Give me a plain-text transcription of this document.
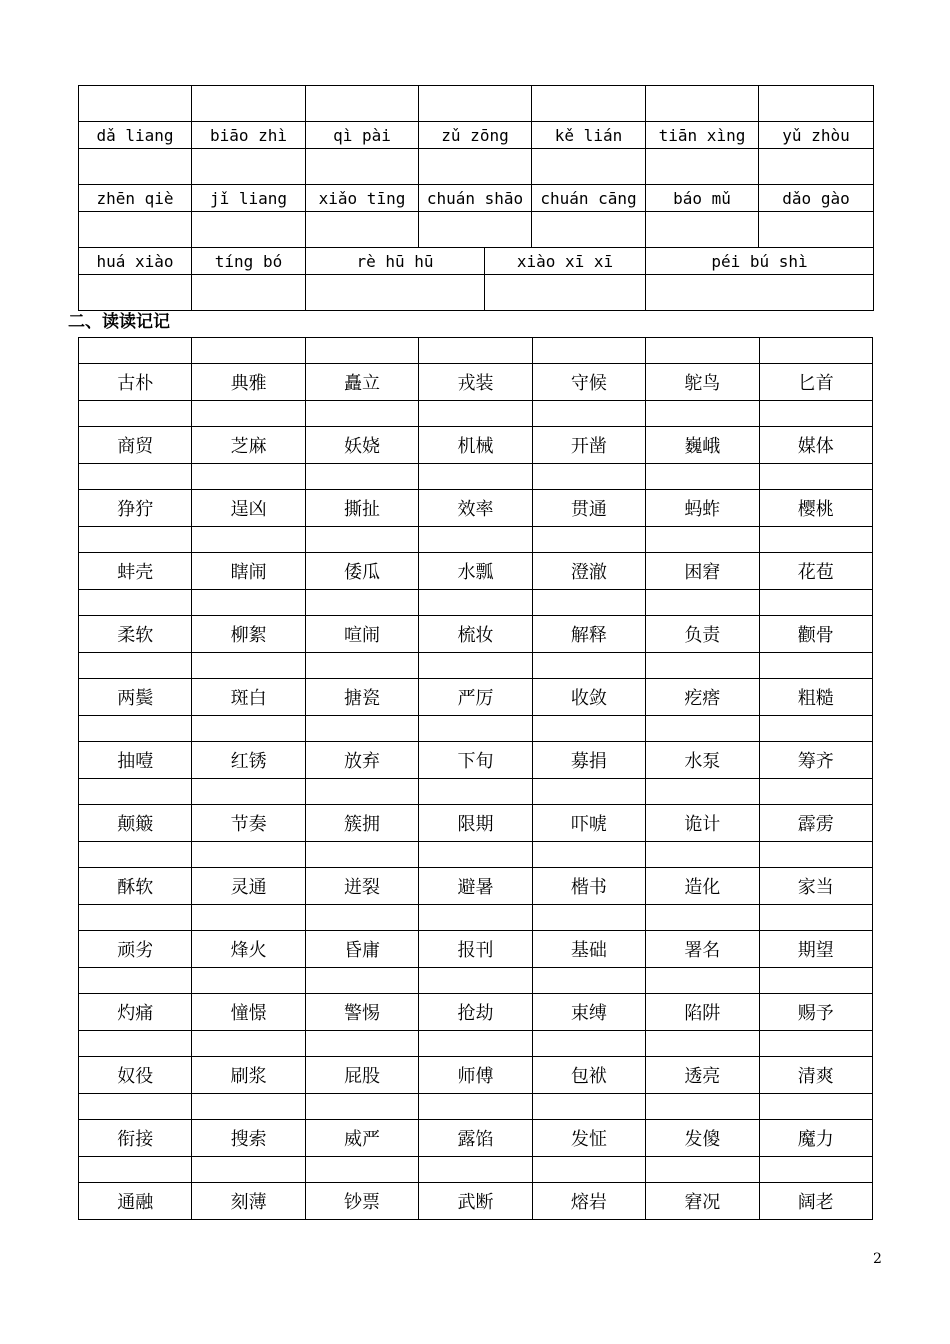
dǎ liang	biāo zhì	qì pài	zǔ zōng		kě lián	tiān xìng	yǔ zhòu

zhēn qiè	jǐ liang	xiǎo tīng	chuán shāo		chuán cāng	báo mǔ	dǎo gào

huá xiào	tíng bó	rè hū hū		xiào xī xī		péi bú shì	

二、读读记记

古朴	典雅	矗立	戎装	守候	鸵鸟	匕首

商贸	芝麻	妖娆	机械	开凿	巍峨	媒体

狰狞	逞凶	撕扯	效率	贯通	蚂蚱	樱桃

蚌壳	瞎闹	倭瓜	水瓢	澄澈	困窘	花苞

柔软	柳絮	喧闹	梳妆	解释	负责	颧骨

两鬓	斑白	搪瓷	严厉	收敛	疙瘩	粗糙

抽噎	红锈	放弃	下旬	募捐	水泵	筹齐

颠簸	节奏	簇拥	限期	吓唬	诡计	霹雳

酥软	灵通	迸裂	避暑	楷书	造化	家当

顽劣	烽火	昏庸	报刊	基础	署名	期望

灼痛	憧憬	警惕	抢劫	束缚	陷阱	赐予

奴役	刷浆	屁股	师傅	包袱	透亮	清爽

衔接	搜索	威严	露馅	发怔	发傻	魔力

通融	刻薄	钞票	武断	熔岩	窘况	阔老
2
